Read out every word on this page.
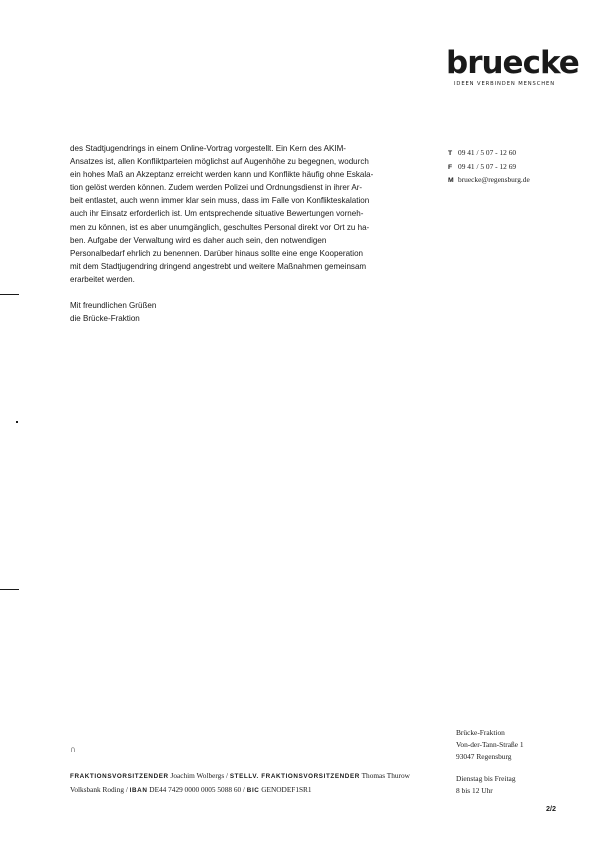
bruecke
IDEEN VERBINDEN MENSCHEN
T 09 41 / 5 07 - 12 60
F 09 41 / 5 07 - 12 69
M bruecke@regensburg.de

des Stadtjugendrings in einem Online-Vortrag vorgestellt. Ein Kern des AKIM-
Ansatzes ist, allen Konfliktparteien möglichst auf Augenhöhe zu begegnen, wodurch
ein hohes Maß an Akzeptanz erreicht werden kann und Konflikte häufig ohne Eskala-
tion gelöst werden können. Zudem werden Polizei und Ordnungsdienst in ihrer Ar-
beit entlastet, auch wenn immer klar sein muss, dass im Falle von Konflikteskalation
auch ihr Einsatz erforderlich ist. Um entsprechende situative Bewertungen vorneh-
men zu können, ist es aber unumgänglich, geschultes Personal direkt vor Ort zu ha-
ben. Aufgabe der Verwaltung wird es daher auch sein, den notwendigen
Personalbedarf ehrlich zu benennen. Darüber hinaus sollte eine enge Kooperation
mit dem Stadtjugendring dringend angestrebt und weitere Maßnahmen gemeinsam
erarbeitet werden.

Mit freundlichen Grüßen
die Brücke-Fraktion

Brücke-Fraktion
Von-der-Tann-Straße 1
93047 Regensburg
Dienstag bis Freitag
8 bis 12 Uhr
∩
FRAKTIONSVORSITZENDER Joachim Wolbergs / STELLV. FRAKTIONSVORSITZENDER Thomas Thurow
Volksbank Roding / IBAN DE44 7429 0000 0005 5088 60 / BIC GENODEF1SR1
2/2
